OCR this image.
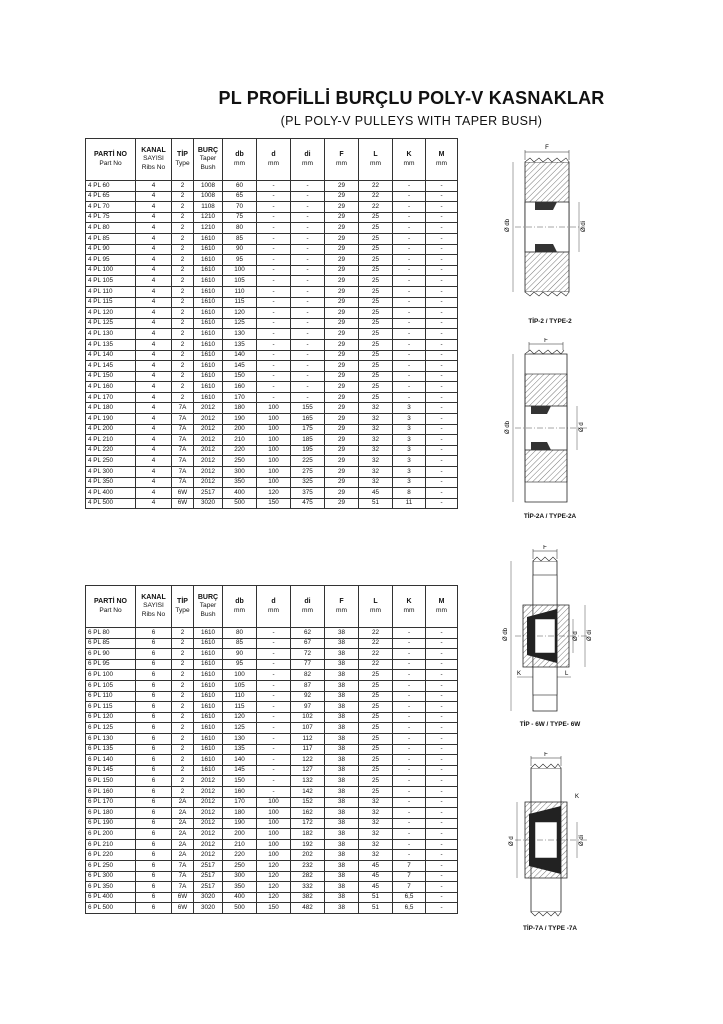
PL PROFİLLİ BURÇLU POLY-V KASNAKLAR
(PL POLY-V PULLEYS WITH TAPER BUSH)
PARTİ NO
Part No	KANAL
SAYISI
Ribs No	TİP
Type	BURÇ
Taper
Bush	db
mm	d
mm	di
mm	F
mm	L
mm	K
mm	M
mm
4 PL 60	4	2	1008	60	-	-	29	22	-	-
4 PL 65	4	2	1008	65	-	-	29	22	-	-
4 PL 70	4	2	1108	70	-	-	29	22	-	-
4 PL 75	4	2	1210	75	-	-	29	25	-	-
4 PL 80	4	2	1210	80	-	-	29	25	-	-
4 PL 85	4	2	1610	85	-	-	29	25	-	-
4 PL 90	4	2	1610	90	-	-	29	25	-	-
4 PL 95	4	2	1610	95	-	-	29	25	-	-
4 PL 100	4	2	1610	100	-	-	29	25	-	-
4 PL 105	4	2	1610	105	-	-	29	25	-	-
4 PL 110	4	2	1610	110	-	-	29	25	-	-
4 PL 115	4	2	1610	115	-	-	29	25	-	-
4 PL 120	4	2	1610	120	-	-	29	25	-	-
4 PL 125	4	2	1610	125	-	-	29	25	-	-
4 PL 130	4	2	1610	130	-	-	29	25	-	-
4 PL 135	4	2	1610	135	-	-	29	25	-	-
4 PL 140	4	2	1610	140	-	-	29	25	-	-
4 PL 145	4	2	1610	145	-	-	29	25	-	-
4 PL 150	4	2	1610	150	-	-	29	25	-	-
4 PL 160	4	2	1610	160	-	-	29	25	-	-
4 PL 170	4	2	1610	170	-	-	29	25	-	-
4 PL 180	4	7A	2012	180	100	155	29	32	3	-
4 PL 190	4	7A	2012	190	100	165	29	32	3	-
4 PL 200	4	7A	2012	200	100	175	29	32	3	-
4 PL 210	4	7A	2012	210	100	185	29	32	3	-
4 PL 220	4	7A	2012	220	100	195	29	32	3	-
4 PL 250	4	7A	2012	250	100	225	29	32	3	-
4 PL 300	4	7A	2012	300	100	275	29	32	3	-
4 PL 350	4	7A	2012	350	100	325	29	32	3	-
4 PL 400	4	6W	2517	400	120	375	29	45	8	-
4 PL 500	4	6W	3020	500	150	475	29	51	11	-
PARTİ NO
Part No	KANAL
SAYISI
Ribs No	TİP
Type	BURÇ
Taper
Bush	db
mm	d
mm	di
mm	F
mm	L
mm	K
mm	M
mm
6 PL 80	6	2	1610	80	-	62	38	22	-	-
6 PL 85	6	2	1610	85	-	67	38	22	-	-
6 PL 90	6	2	1610	90	-	72	38	22	-	-
6 PL 95	6	2	1610	95	-	77	38	22	-	-
6 PL 100	6	2	1610	100	-	82	38	25	-	-
6 PL 105	6	2	1610	105	-	87	38	25	-	-
6 PL 110	6	2	1610	110	-	92	38	25	-	-
6 PL 115	6	2	1610	115	-	97	38	25	-	-
6 PL 120	6	2	1610	120	-	102	38	25	-	-
6 PL 125	6	2	1610	125	-	107	38	25	-	-
6 PL 130	6	2	1610	130	-	112	38	25	-	-
6 PL 135	6	2	1610	135	-	117	38	25	-	-
6 PL 140	6	2	1610	140	-	122	38	25	-	-
6 PL 145	6	2	1610	145	-	127	38	25	-	-
6 PL 150	6	2	2012	150	-	132	38	25	-	-
6 PL 160	6	2	2012	160	-	142	38	25	-	-
6 PL 170	6	2A	2012	170	100	152	38	32	-	-
6 PL 180	6	2A	2012	180	100	162	38	32	-	-
6 PL 190	6	2A	2012	190	100	172	38	32	-	-
6 PL 200	6	2A	2012	200	100	182	38	32	-	-
6 PL 210	6	2A	2012	210	100	192	38	32	-	-
6 PL 220	6	2A	2012	220	100	202	38	32	-	-
6 PL 250	6	7A	2517	250	120	232	38	45	7	-
6 PL 300	6	7A	2517	300	120	282	38	45	7	-
6 PL 350	6	7A	2517	350	120	332	38	45	7	-
6 PL 400	6	6W	3020	400	120	382	38	51	6,5	-
6 PL 500	6	6W	3020	500	150	482	38	51	6,5	-
F
Ø db	Ø di
TİP-2 / TYPE-2
F
Ø db	Ø d
TİP-2A / TYPE-2A
F
Ø db	Ø d Ø di
K	L
TİP - 6W / TYPE- 6W
F
Ø d	Ø di
K
TİP-7A / TYPE -7A
